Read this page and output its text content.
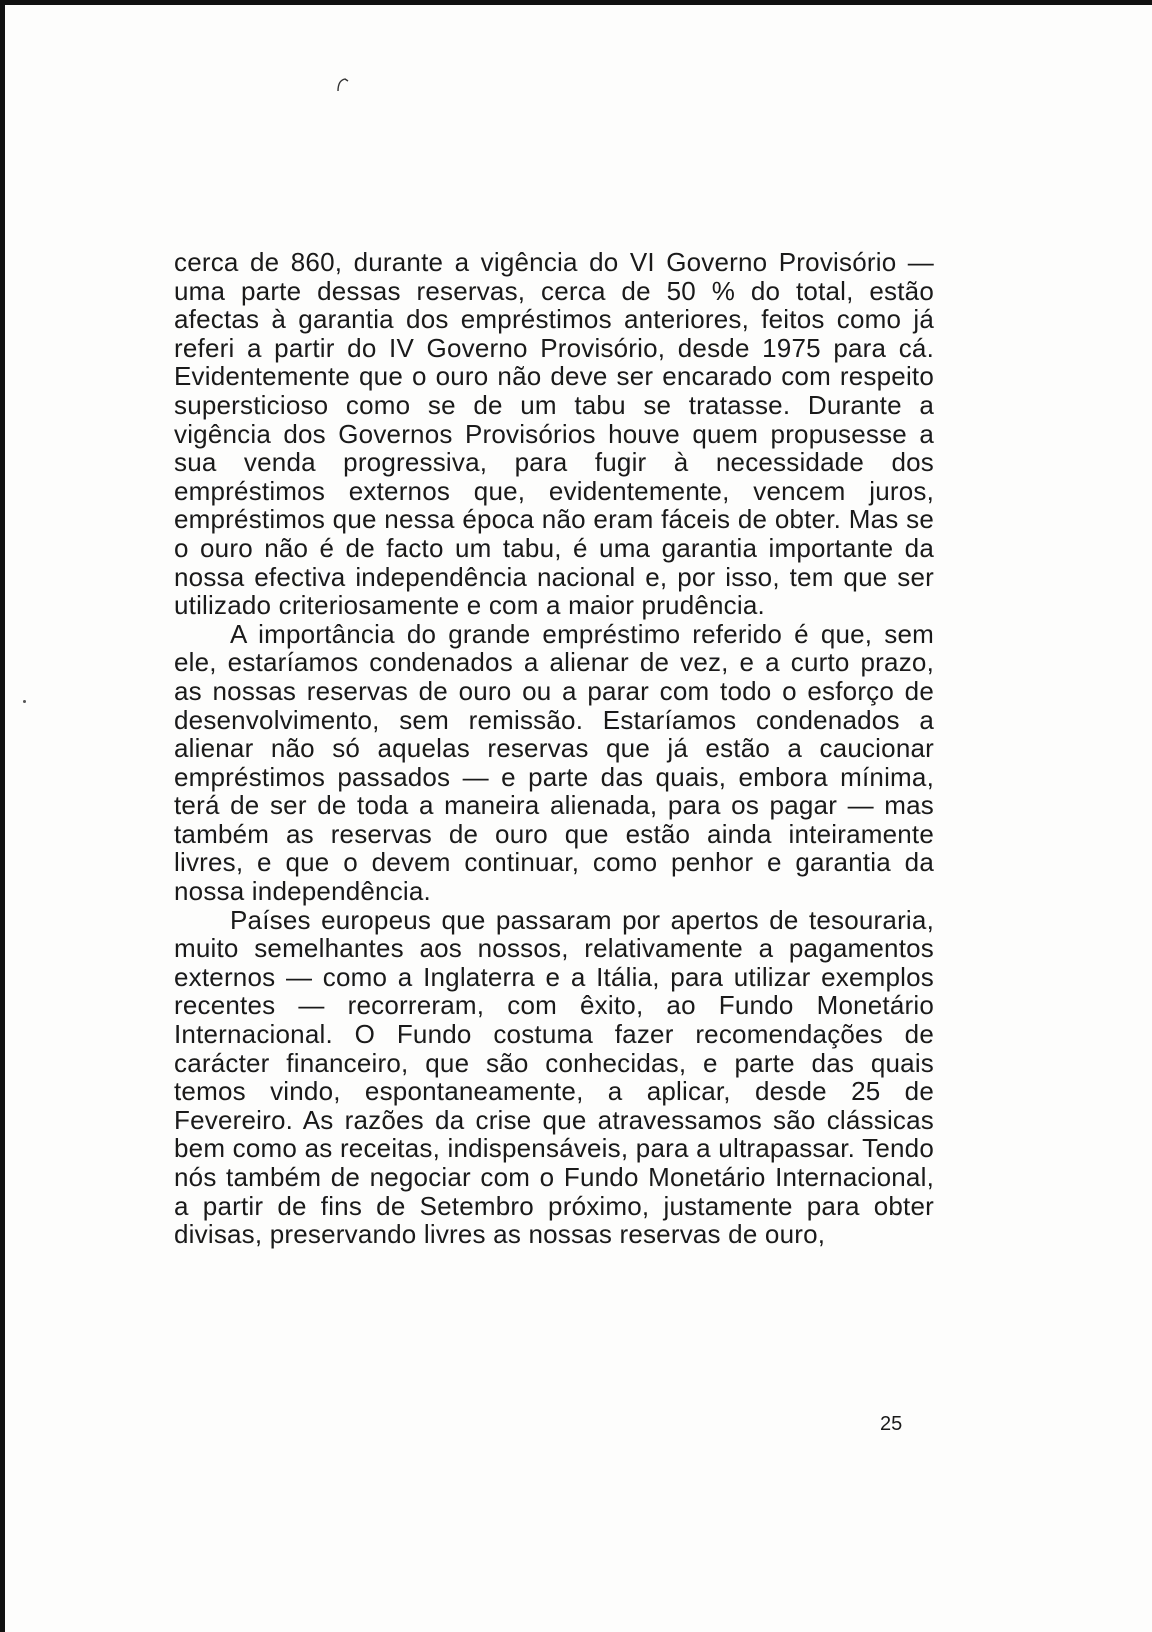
cerca de 860, durante a vigência do VI Governo Provisório — uma parte dessas reservas, cerca de 50 % do total, estão afectas à garantia dos empréstimos anteriores, feitos como já referi a partir do IV Governo Provisório, desde 1975 para cá. Evidentemente que o ouro não deve ser encarado com respeito supersticioso como se de um tabu se tratasse. Durante a vigência dos Governos Provisórios houve quem propusesse a sua venda progressiva, para fugir à necessidade dos empréstimos externos que, evidentemente, vencem juros, empréstimos que nessa época não eram fáceis de obter. Mas se o ouro não é de facto um tabu, é uma garantia importante da nossa efectiva independência nacional e, por isso, tem que ser utilizado criteriosamente e com a maior prudência.

A importância do grande empréstimo referido é que, sem ele, estaríamos condenados a alienar de vez, e a curto prazo, as nossas reservas de ouro ou a parar com todo o esforço de desenvolvimento, sem remissão. Estaríamos condenados a alienar não só aquelas reservas que já estão a caucionar empréstimos passados — e parte das quais, embora mínima, terá de ser de toda a maneira alienada, para os pagar — mas também as reservas de ouro que estão ainda inteiramente livres, e que o devem continuar, como penhor e garantia da nossa independência.

Países europeus que passaram por apertos de tesouraria, muito semelhantes aos nossos, relativamente a pagamentos externos — como a Inglaterra e a Itália, para utilizar exemplos recentes — recorreram, com êxito, ao Fundo Monetário Internacional. O Fundo costuma fazer recomendações de carácter financeiro, que são conhecidas, e parte das quais temos vindo, espontaneamente, a aplicar, desde 25 de Fevereiro. As razões da crise que atravessamos são clássicas bem como as receitas, indispensáveis, para a ultrapassar. Tendo nós também de negociar com o Fundo Monetário Internacional, a partir de fins de Setembro próximo, justamente para obter divisas, preservando livres as nossas reservas de ouro,

25
